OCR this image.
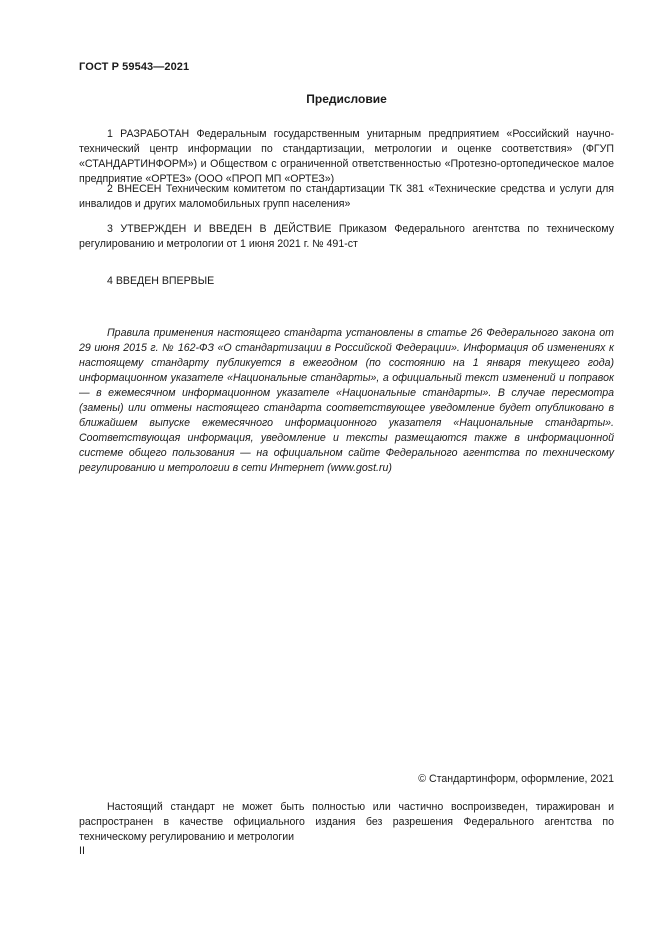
ГОСТ Р 59543—2021
Предисловие

1 РАЗРАБОТАН Федеральным государственным унитарным предприятием «Российский научно-технический центр информации по стандартизации, метрологии и оценке соответствия» (ФГУП «СТАНДАРТИНФОРМ») и Обществом с ограниченной ответственностью «Протезно-ортопедическое малое предприятие «ОРТЕЗ» (ООО «ПРОП МП «ОРТЕЗ»)

2 ВНЕСЕН Техническим комитетом по стандартизации ТК 381 «Технические средства и услуги для инвалидов и других маломобильных групп населения»

3 УТВЕРЖДЕН И ВВЕДЕН В ДЕЙСТВИЕ Приказом Федерального агентства по техническому регулированию и метрологии от 1 июня 2021 г. № 491-ст

4 ВВЕДЕН ВПЕРВЫЕ

Правила применения настоящего стандарта установлены в статье 26 Федерального закона от 29 июня 2015 г. № 162-ФЗ «О стандартизации в Российской Федерации». Информация об изменениях к настоящему стандарту публикуется в ежегодном (по состоянию на 1 января текущего года) информационном указателе «Национальные стандарты», а официальный текст изменений и поправок — в ежемесячном информационном указателе «Национальные стандарты». В случае пересмотра (замены) или отмены настоящего стандарта соответствующее уведомление будет опубликовано в ближайшем выпуске ежемесячного информационного указателя «Национальные стандарты». Соответствующая информация, уведомление и тексты размещаются также в информационной системе общего пользования — на официальном сайте Федерального агентства по техническому регулированию и метрологии в сети Интернет (www.gost.ru)

© Стандартинформ, оформление, 2021

Настоящий стандарт не может быть полностью или частично воспроизведен, тиражирован и распространен в качестве официального издания без разрешения Федерального агентства по техническому регулированию и метрологии

II
